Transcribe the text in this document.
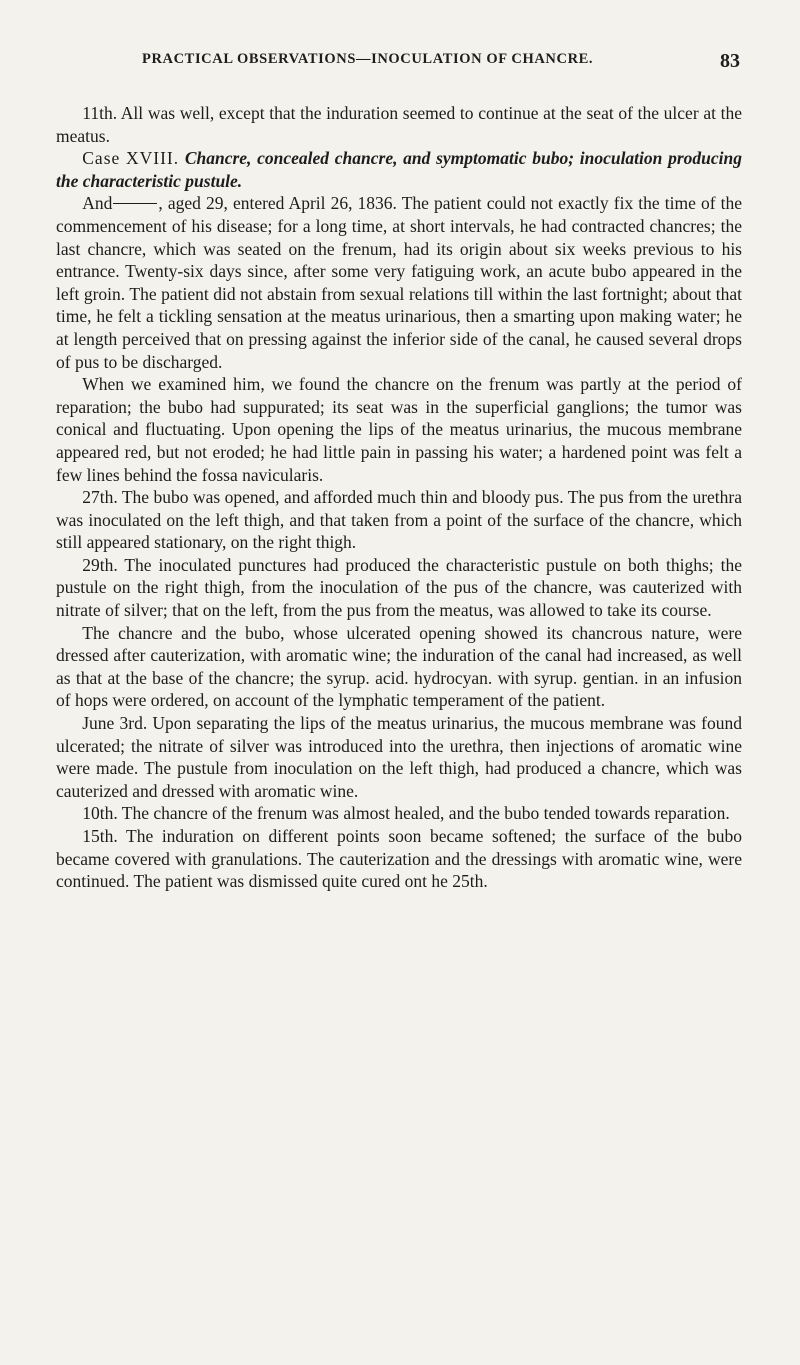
PRACTICAL OBSERVATIONS—INOCULATION OF CHANCRE.	83

11th. All was well, except that the induration seemed to continue at the seat of the ulcer at the meatus.

Case XVIII. Chancre, concealed chancre, and symptomatic bubo; inoculation producing the characteristic pustule.

And	, aged 29, entered April 26, 1836. The patient could not exactly fix the time of the commencement of his disease; for a long time, at short intervals, he had contracted chancres; the last chancre, which was seated on the frenum, had its origin about six weeks previous to his entrance. Twenty-six days since, after some very fatiguing work, an acute bubo appeared in the left groin. The patient did not abstain from sexual relations till within the last fortnight; about that time, he felt a tickling sensation at the meatus urinarious, then a smarting upon making water; he at length perceived that on pressing against the inferior side of the canal, he caused several drops of pus to be discharged.

When we examined him, we found the chancre on the frenum was partly at the period of reparation; the bubo had suppurated; its seat was in the superficial ganglions; the tumor was conical and fluctuating. Upon opening the lips of the meatus urinarius, the mucous membrane appeared red, but not eroded; he had little pain in passing his water; a hardened point was felt a few lines behind the fossa navicularis.

27th. The bubo was opened, and afforded much thin and bloody pus. The pus from the urethra was inoculated on the left thigh, and that taken from a point of the surface of the chancre, which still appeared stationary, on the right thigh.

29th. The inoculated punctures had produced the characteristic pustule on both thighs; the pustule on the right thigh, from the inoculation of the pus of the chancre, was cauterized with nitrate of silver; that on the left, from the pus from the meatus, was allowed to take its course.

The chancre and the bubo, whose ulcerated opening showed its chancrous nature, were dressed after cauterization, with aromatic wine; the induration of the canal had increased, as well as that at the base of the chancre; the syrup. acid. hydrocyan. with syrup. gentian. in an infusion of hops were ordered, on account of the lymphatic temperament of the patient.

June 3rd. Upon separating the lips of the meatus urinarius, the mucous membrane was found ulcerated; the nitrate of silver was introduced into the urethra, then injections of aromatic wine were made. The pustule from inoculation on the left thigh, had produced a chancre, which was cauterized and dressed with aromatic wine.

10th. The chancre of the frenum was almost healed, and the bubo tended towards reparation.

15th. The induration on different points soon became softened; the surface of the bubo became covered with granulations. The cauterization and the dressings with aromatic wine, were continued. The patient was dismissed quite cured ont he 25th.
